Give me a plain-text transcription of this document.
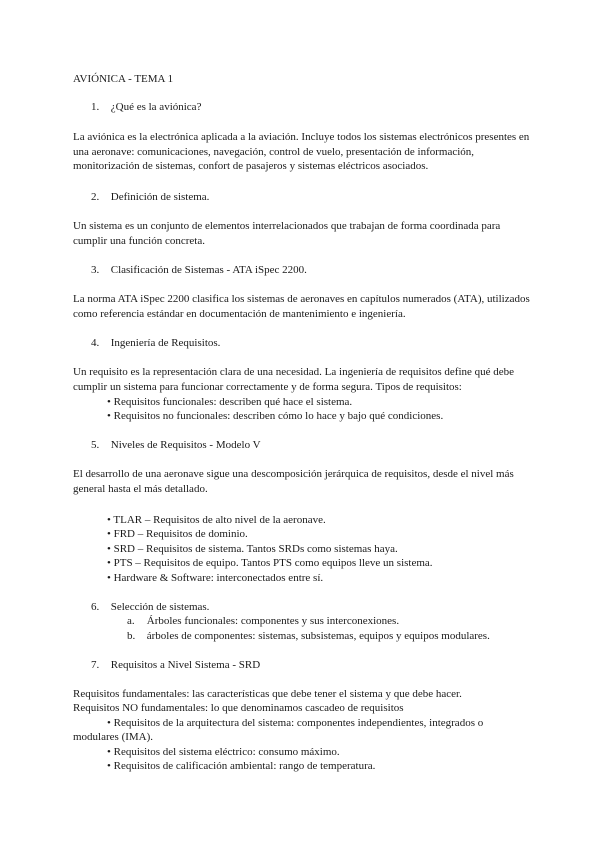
AVIÓNICA - TEMA 1
1. ¿Qué es la aviónica?

La aviónica es la electrónica aplicada a la aviación. Incluye todos los sistemas electrónicos presentes en una aeronave: comunicaciones, navegación, control de vuelo, presentación de información, monitorización de sistemas, confort de pasajeros y sistemas eléctricos asociados.

2. Definición de sistema.

Un sistema es un conjunto de elementos interrelacionados que trabajan de forma coordinada para cumplir una función concreta.

3. Clasificación de Sistemas - ATA iSpec 2200.

La norma ATA iSpec 2200 clasifica los sistemas de aeronaves en capítulos numerados (ATA), utilizados como referencia estándar en documentación de mantenimiento e ingeniería.

4. Ingeniería de Requisitos.

Un requisito es la representación clara de una necesidad. La ingeniería de requisitos define qué debe cumplir un sistema para funcionar correctamente y de forma segura. Tipos de requisitos:

• Requisitos funcionales: describen qué hace el sistema.
• Requisitos no funcionales: describen cómo lo hace y bajo qué condiciones.
5. Niveles de Requisitos - Modelo V

El desarrollo de una aeronave sigue una descomposición jerárquica de requisitos, desde el nivel más general hasta el más detallado.

• TLAR – Requisitos de alto nivel de la aeronave.
• FRD – Requisitos de dominio.
• SRD – Requisitos de sistema. Tantos SRDs como sistemas haya.
• PTS – Requisitos de equipo. Tantos PTS como equipos lleve un sistema.
• Hardware & Software: interconectados entre sí.
6. Selección de sistemas.
a. Árboles funcionales: componentes y sus interconexiones.
b. árboles de componentes: sistemas, subsistemas, equipos y equipos modulares.
7. Requisitos a Nivel Sistema - SRD
Requisitos fundamentales: las características que debe tener el sistema y que debe hacer.
Requisitos NO fundamentales: lo que denominamos cascadeo de requisitos
• Requisitos de la arquitectura del sistema: componentes independientes, integrados o
modulares (IMA).
• Requisitos del sistema eléctrico: consumo máximo.
• Requisitos de calificación ambiental: rango de temperatura.
